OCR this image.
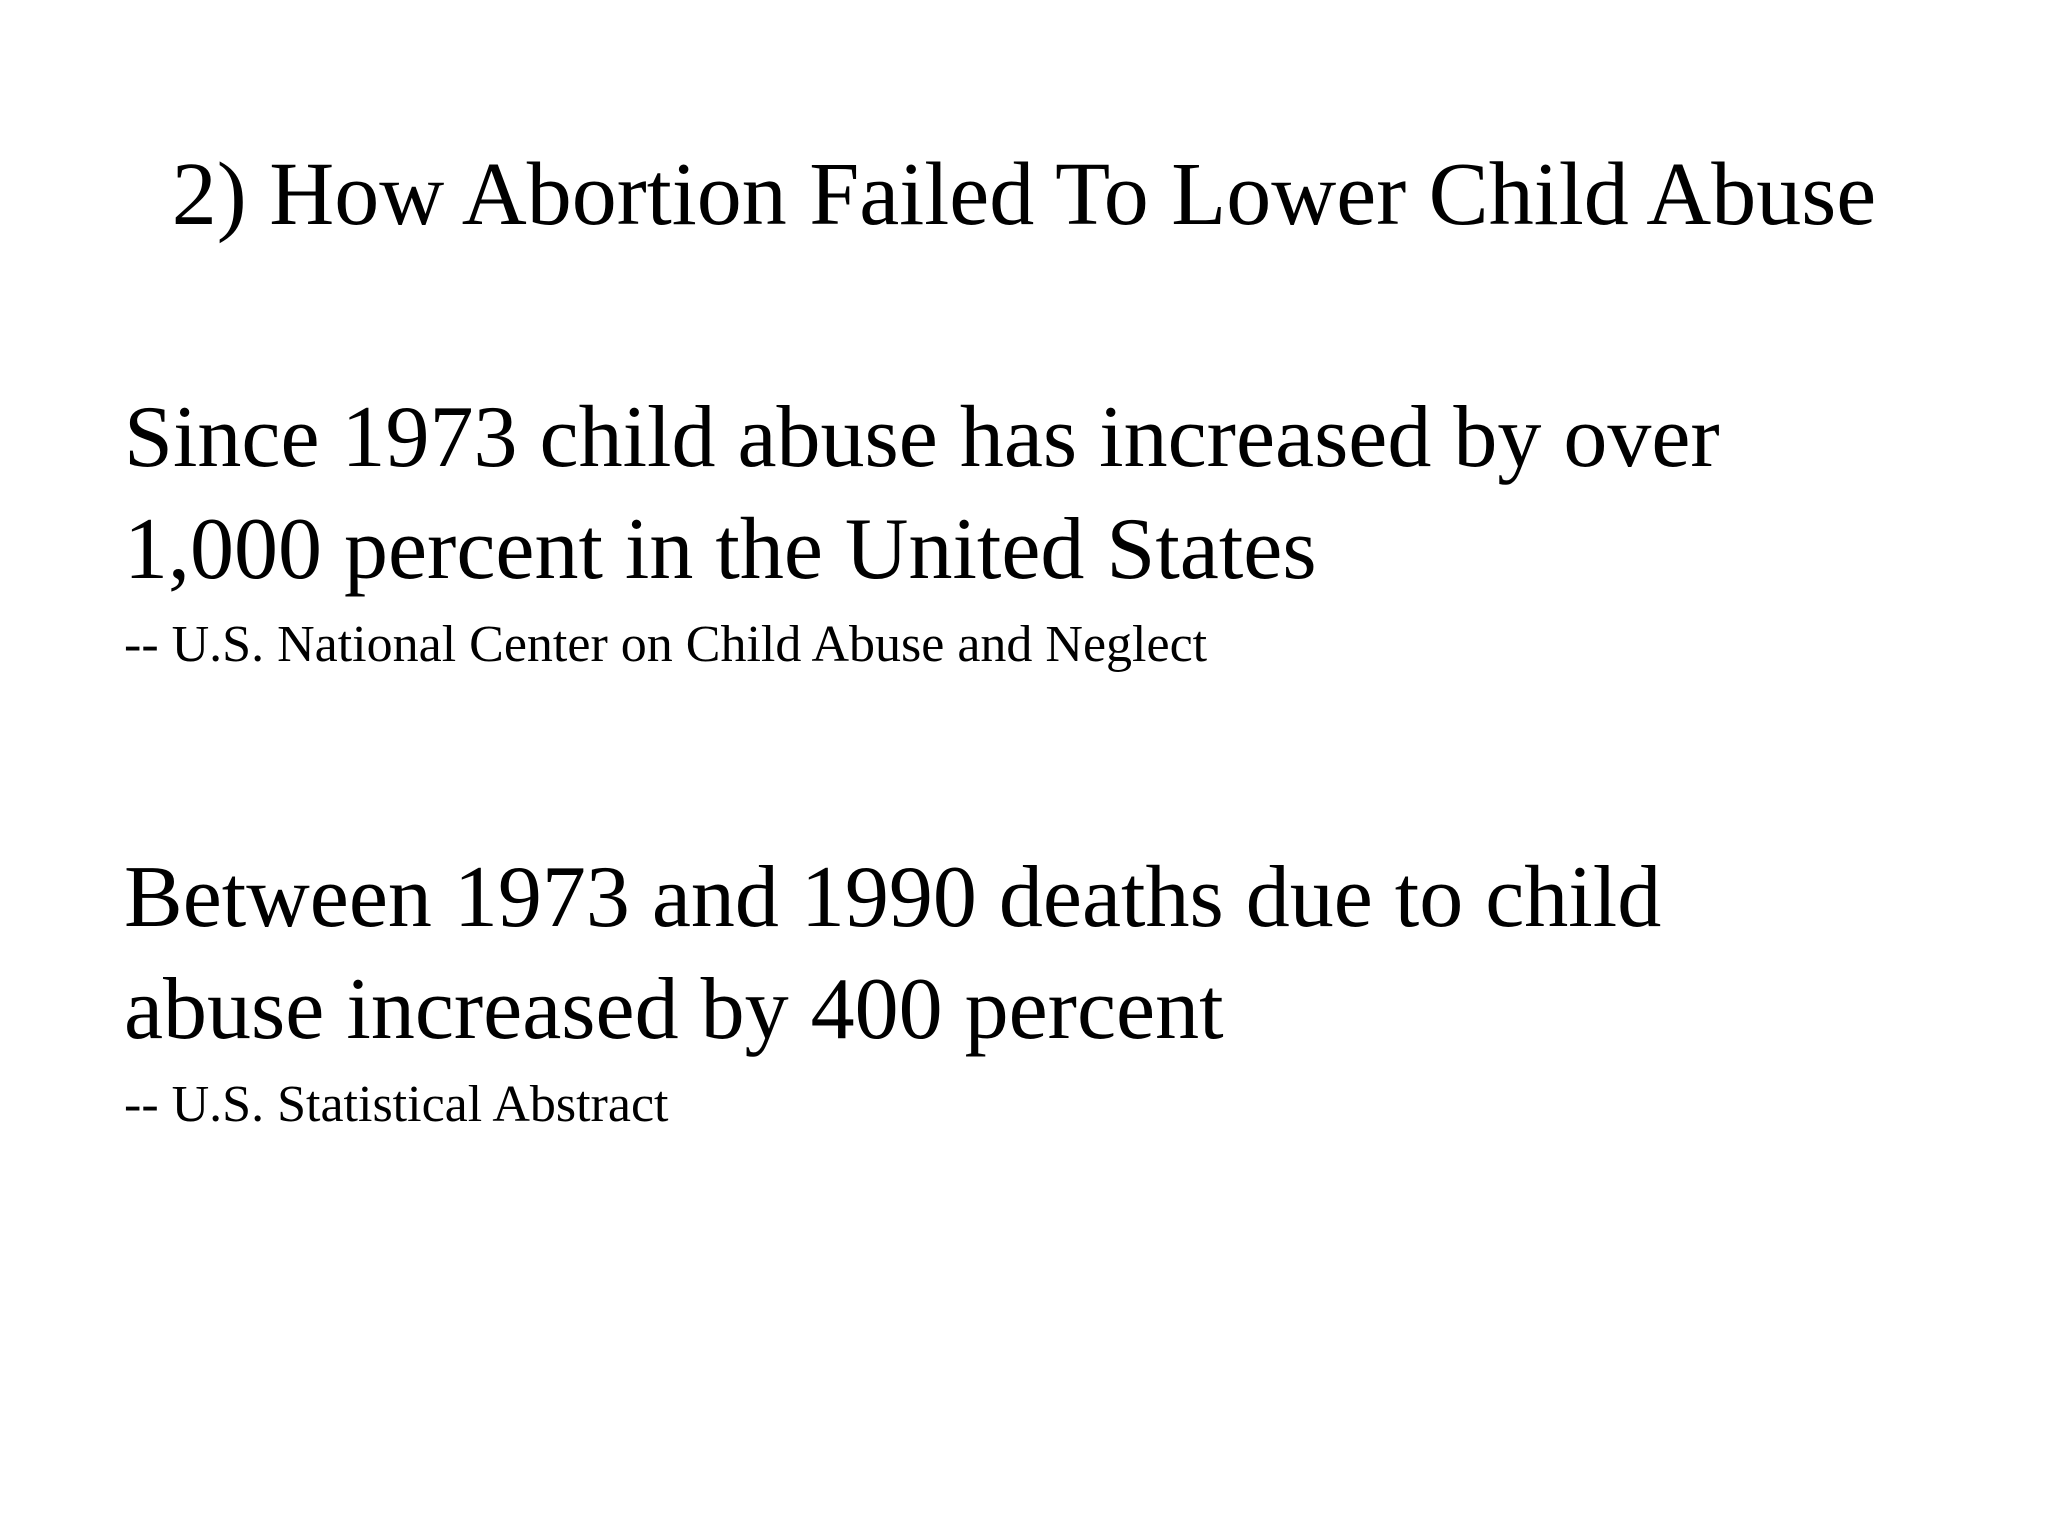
2) How Abortion Failed To Lower Child Abuse

Since 1973 child abuse has increased by over

1,000 percent in the United States

-- U.S. National Center on Child Abuse and Neglect

Between 1973 and 1990 deaths due to child

abuse increased by 400 percent

-- U.S. Statistical Abstract
